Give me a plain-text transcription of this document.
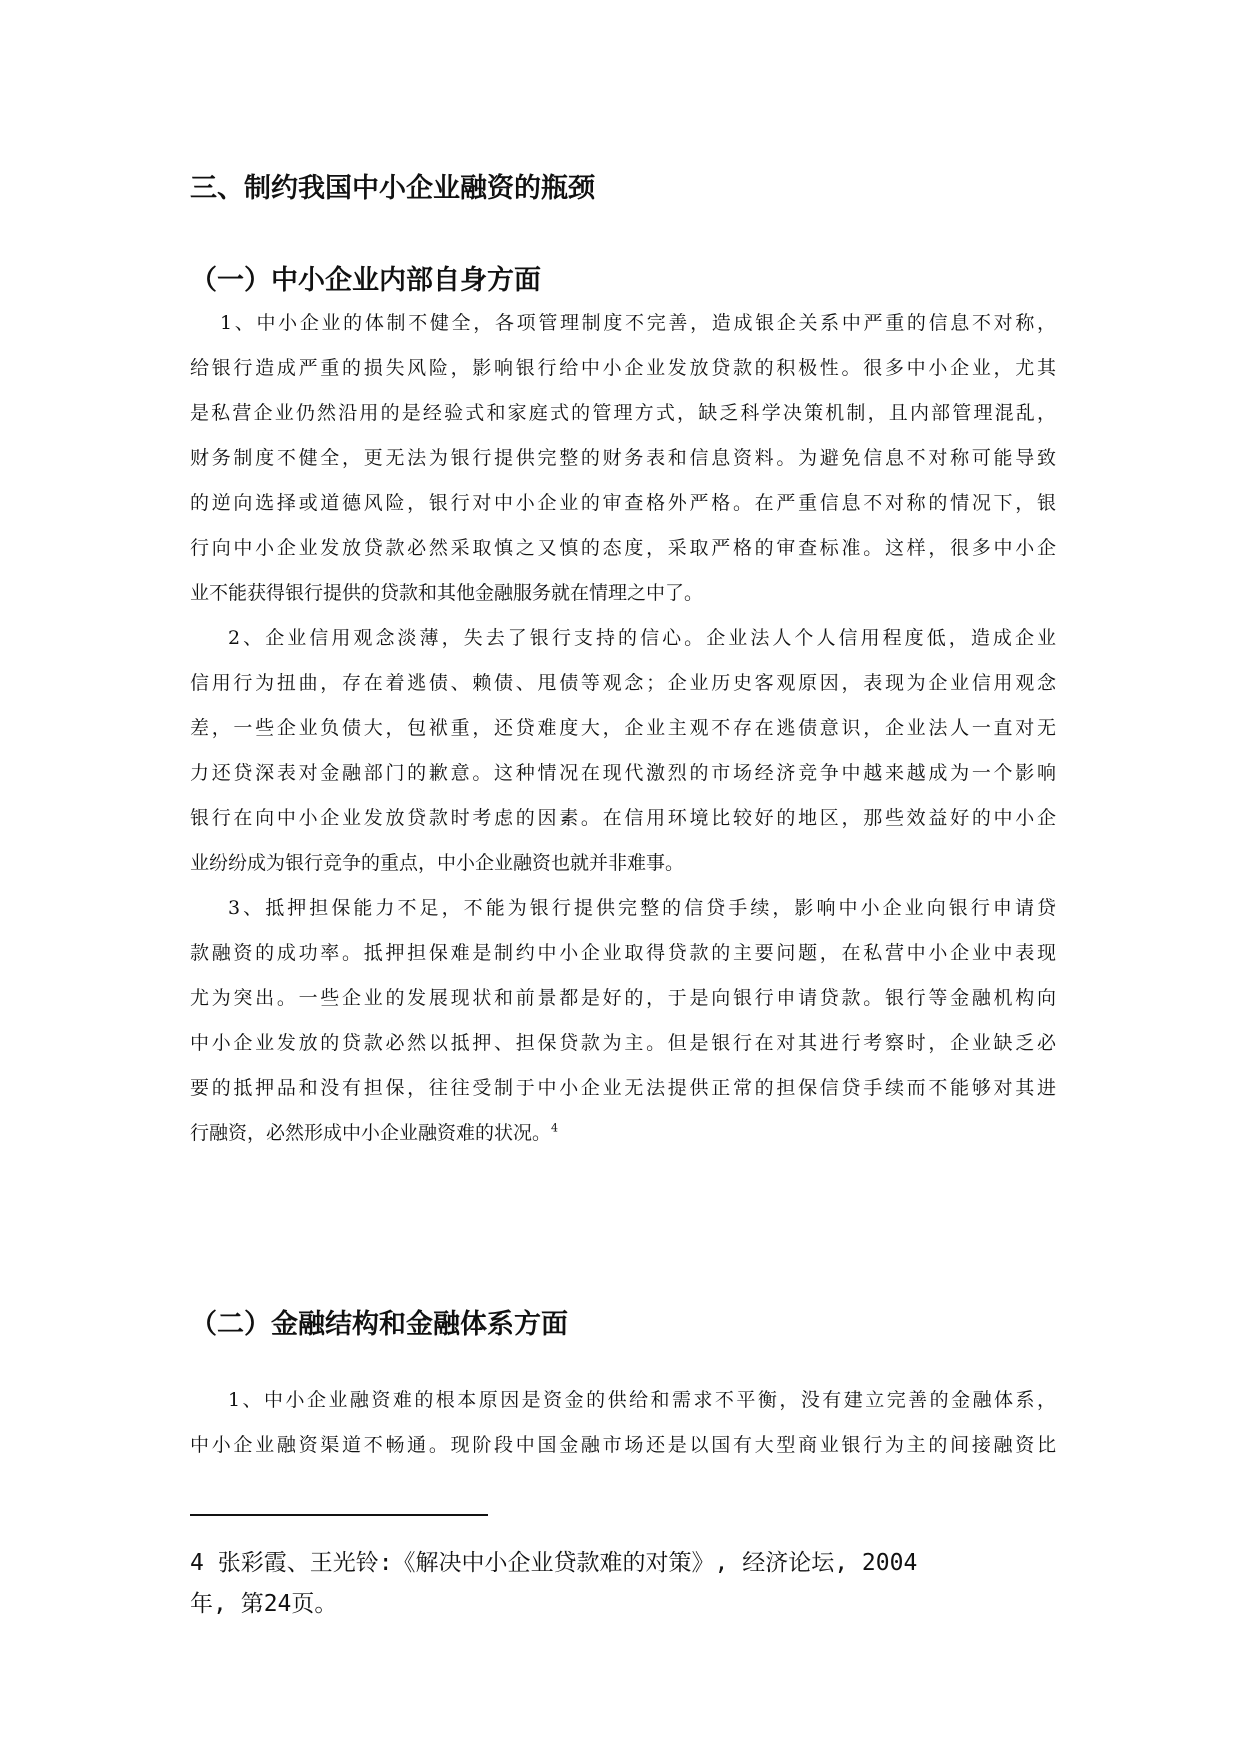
三、制约我国中小企业融资的瓶颈
（一）中小企业内部自身方面
1、中小企业的体制不健全，各项管理制度不完善，造成银企关系中严重的信息不对称，
给银行造成严重的损失风险，影响银行给中小企业发放贷款的积极性。很多中小企业，尤其
是私营企业仍然沿用的是经验式和家庭式的管理方式，缺乏科学决策机制，且内部管理混乱，
财务制度不健全，更无法为银行提供完整的财务表和信息资料。为避免信息不对称可能导致
的逆向选择或道德风险，银行对中小企业的审查格外严格。在严重信息不对称的情况下，银
行向中小企业发放贷款必然采取慎之又慎的态度，采取严格的审查标准。这样，很多中小企
业不能获得银行提供的贷款和其他金融服务就在情理之中了。
2、企业信用观念淡薄，失去了银行支持的信心。企业法人个人信用程度低，造成企业
信用行为扭曲，存在着逃债、赖债、甩债等观念；企业历史客观原因，表现为企业信用观念
差，一些企业负债大，包袱重，还贷难度大，企业主观不存在逃债意识，企业法人一直对无
力还贷深表对金融部门的歉意。这种情况在现代激烈的市场经济竞争中越来越成为一个影响
银行在向中小企业发放贷款时考虑的因素。在信用环境比较好的地区，那些效益好的中小企
业纷纷成为银行竞争的重点，中小企业融资也就并非难事。
3、抵押担保能力不足，不能为银行提供完整的信贷手续，影响中小企业向银行申请贷
款融资的成功率。抵押担保难是制约中小企业取得贷款的主要问题，在私营中小企业中表现
尤为突出。一些企业的发展现状和前景都是好的，于是向银行申请贷款。银行等金融机构向
中小企业发放的贷款必然以抵押、担保贷款为主。但是银行在对其进行考察时，企业缺乏必
要的抵押品和没有担保，往往受制于中小企业无法提供正常的担保信贷手续而不能够对其进
行融资，必然形成中小企业融资难的状况。$^4$
（二）金融结构和金融体系方面
1、中小企业融资难的根本原因是资金的供给和需求不平衡，没有建立完善的金融体系，
中小企业融资渠道不畅通。现阶段中国金融市场还是以国有大型商业银行为主的间接融资比
4 张彩霞、王光铃:《解决中小企业贷款难的对策》, 经济论坛, 2004
年, 第24页。
